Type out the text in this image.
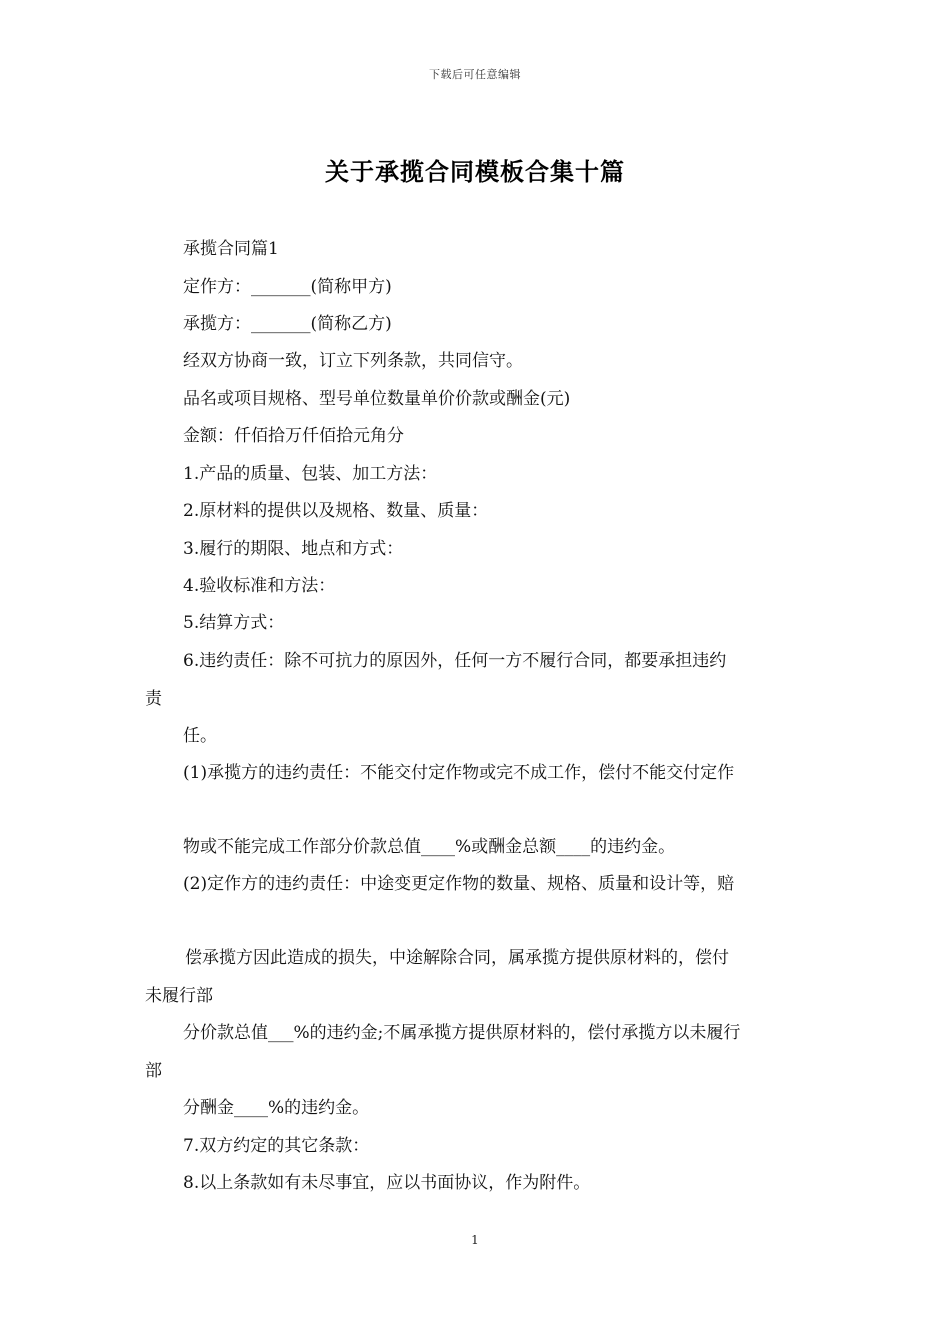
下载后可任意编辑
关于承揽合同模板合集十篇
承揽合同篇1
定作方：_______(简称甲方)
承揽方：_______(简称乙方)
经双方协商一致，订立下列条款，共同信守。
品名或项目规格、型号单位数量单价价款或酬金(元)
金额：仟佰拾万仟佰拾元角分
1.产品的质量、包装、加工方法：
2.原材料的提供以及规格、数量、质量：
3.履行的期限、地点和方式：
4.验收标准和方法：
5.结算方式：
6.违约责任：除不可抗力的原因外，任何一方不履行合同，都要承担违约
责
任。
(1)承揽方的违约责任：不能交付定作物或完不成工作，偿付不能交付定作
物或不能完成工作部分价款总值____%或酬金总额____的违约金。
(2)定作方的违约责任：中途变更定作物的数量、规格、质量和设计等，赔
偿承揽方因此造成的损失，中途解除合同，属承揽方提供原材料的，偿付
未履行部
分价款总值___%的违约金;不属承揽方提供原材料的，偿付承揽方以未履行
部
分酬金____%的违约金。
7.双方约定的其它条款：
8.以上条款如有未尽事宜，应以书面协议，作为附件。
1
